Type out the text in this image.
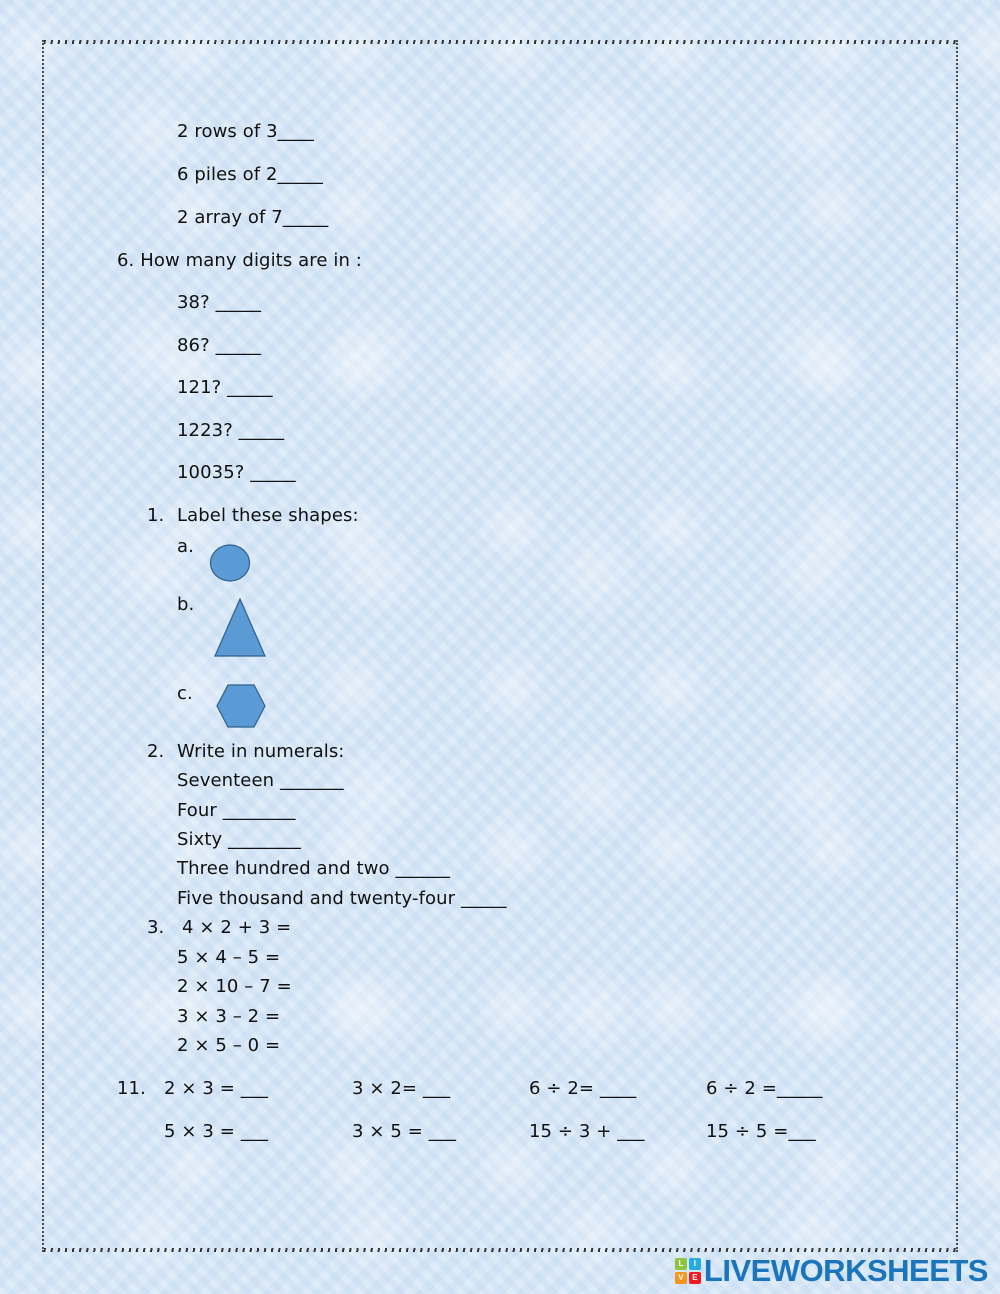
2 rows of 3____
6 piles of 2_____
2 array of 7_____
6. How many digits are in :
38? _____
86? _____
121? _____
1223? _____
10035? _____
1. Label these shapes:
a.
b.
c.
2. Write in numerals:
Seventeen _______
Four ________
Sixty ________
Three hundred and two ______
Five thousand and twenty-four _____
3. 4 × 2 + 3 =
5 × 4 – 5 =
2 × 10 – 7 =
3 × 3 – 2 =
2 × 5 – 0 =
11. 2 × 3 = ___	3 × 2= ___	6 ÷ 2= ____	6 ÷ 2 =_____
5 × 3 = ___	3 × 5 = ___	15 ÷ 3 + ___	15 ÷ 5 =___
L	I
V	E LIVEWORKSHEETS
